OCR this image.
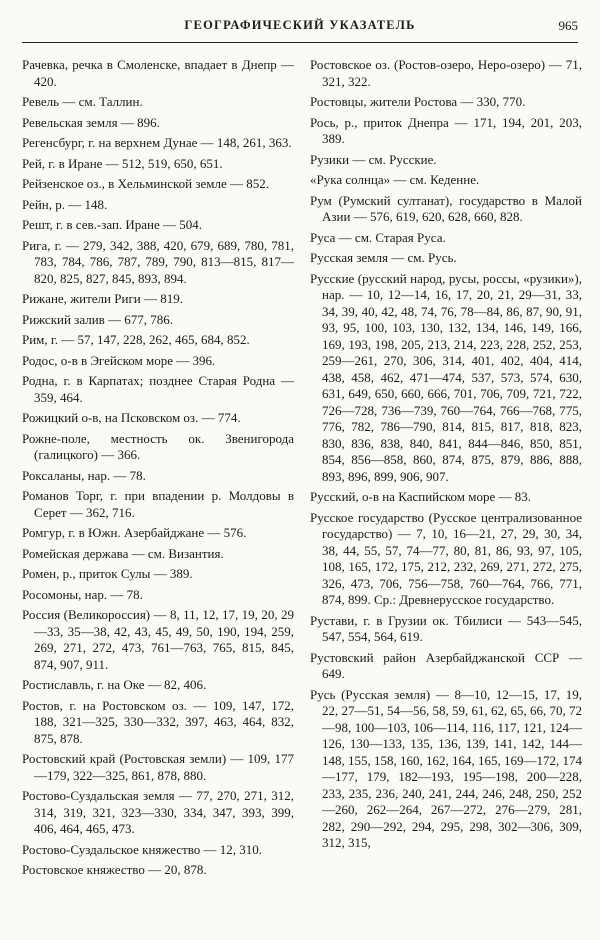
ГЕОГРАФИЧЕСКИЙ УКАЗАТЕЛЬ	965

Рачевка, речка в Смоленске, впадает в Днепр — 420.

Ревель — см. Таллин.

Ревельская земля — 896.

Регенсбург, г. на верхнем Дунае — 148, 261, 363.

Рей, г. в Иране — 512, 519, 650, 651.

Рейзенское оз., в Хельминской земле — 852.

Рейн, р. — 148.

Решт, г. в сев.-зап. Иране — 504.

Рига, г. — 279, 342, 388, 420, 679, 689, 780, 781, 783, 784, 786, 787, 789, 790, 813—815, 817—820, 825, 827, 845, 893, 894.

Рижане, жители Риги — 819.

Рижский залив — 677, 786.

Рим, г. — 57, 147, 228, 262, 465, 684, 852.

Родос, о-в в Эгейском море — 396.

Родна, г. в Карпатах; позднее Старая Родна — 359, 464.

Рожицкий о-в, на Псковском оз. — 774.

Рожне-поле, местность ок. Звенигорода (галицкого) — 366.

Роксаланы, нар. — 78.

Романов Торг, г. при впадении р. Молдовы в Серет — 362, 716.

Ромгур, г. в Южн. Азербайджане — 576.

Ромейская держава — см. Византия.

Ромен, р., приток Сулы — 389.

Росомоны, нар. — 78.

Россия (Великороссия) — 8, 11, 12, 17, 19, 20, 29—33, 35—38, 42, 43, 45, 49, 50, 190, 194, 259, 269, 271, 272, 473, 761—763, 765, 815, 845, 874, 907, 911.

Ростиславль, г. на Оке — 82, 406.

Ростов, г. на Ростовском оз. — 109, 147, 172, 188, 321—325, 330—332, 397, 463, 464, 832, 875, 878.

Ростовский край (Ростовская земли) — 109, 177—179, 322—325, 861, 878, 880.

Ростово-Суздальская земля — 77, 270, 271, 312, 314, 319, 321, 323—330, 334, 347, 393, 399, 406, 464, 465, 473.

Ростово-Суздальское княжество — 12, 310.

Ростовское княжество — 20, 878.

Ростовское оз. (Ростов-озеро, Неро-озеро) — 71, 321, 322.

Ростовцы, жители Ростова — 330, 770.

Рось, р., приток Днепра — 171, 194, 201, 203, 389.

Рузики — см. Русские.

«Рука солнца» — см. Кеденне.

Рум (Румский султанат), государство в Малой Азии — 576, 619, 620, 628, 660, 828.

Руса — см. Старая Руса.

Русская земля — см. Русь.

Русские (русский народ, русы, россы, «рузики»), нар. — 10, 12—14, 16, 17, 20, 21, 29—31, 33, 34, 39, 40, 42, 48, 74, 76, 78—84, 86, 87, 90, 91, 93, 95, 100, 103, 130, 132, 134, 146, 149, 166, 169, 193, 198, 205, 213, 214, 223, 228, 252, 253, 259—261, 270, 306, 314, 401, 402, 404, 414, 438, 458, 462, 471—474, 537, 573, 574, 630, 631, 649, 650, 660, 666, 701, 706, 709, 721, 722, 726—728, 736—739, 760—764, 766—768, 775, 776, 782, 786—790, 814, 815, 817, 818, 823, 830, 836, 838, 840, 841, 844—846, 850, 851, 854, 856—858, 860, 874, 875, 879, 886, 888, 893, 896, 899, 906, 907.

Русский, о-в на Каспийском море — 83.

Русское государство (Русское централизованное государство) — 7, 10, 16—21, 27, 29, 30, 34, 38, 44, 55, 57, 74—77, 80, 81, 86, 93, 97, 105, 108, 165, 172, 175, 212, 232, 269, 271, 272, 275, 326, 473, 706, 756—758, 760—764, 766, 771, 874, 899. Ср.: Древнерусское государство.

Рустави, г. в Грузии ок. Тбилиси — 543—545, 547, 554, 564, 619.

Рустовский район Азербайджанской ССР — 649.

Русь (Русская земля) — 8—10, 12—15, 17, 19, 22, 27—51, 54—56, 58, 59, 61, 62, 65, 66, 70, 72—98, 100—103, 106—114, 116, 117, 121, 124—126, 130—133, 135, 136, 139, 141, 142, 144—148, 155, 158, 160, 162, 164, 165, 169—172, 174—177, 179, 182—193, 195—198, 200—228, 233, 235, 236, 240, 241, 244, 246, 248, 250, 252—260, 262—264, 267—272, 276—279, 281, 282, 290—292, 294, 295, 298, 302—306, 309, 312, 315,
